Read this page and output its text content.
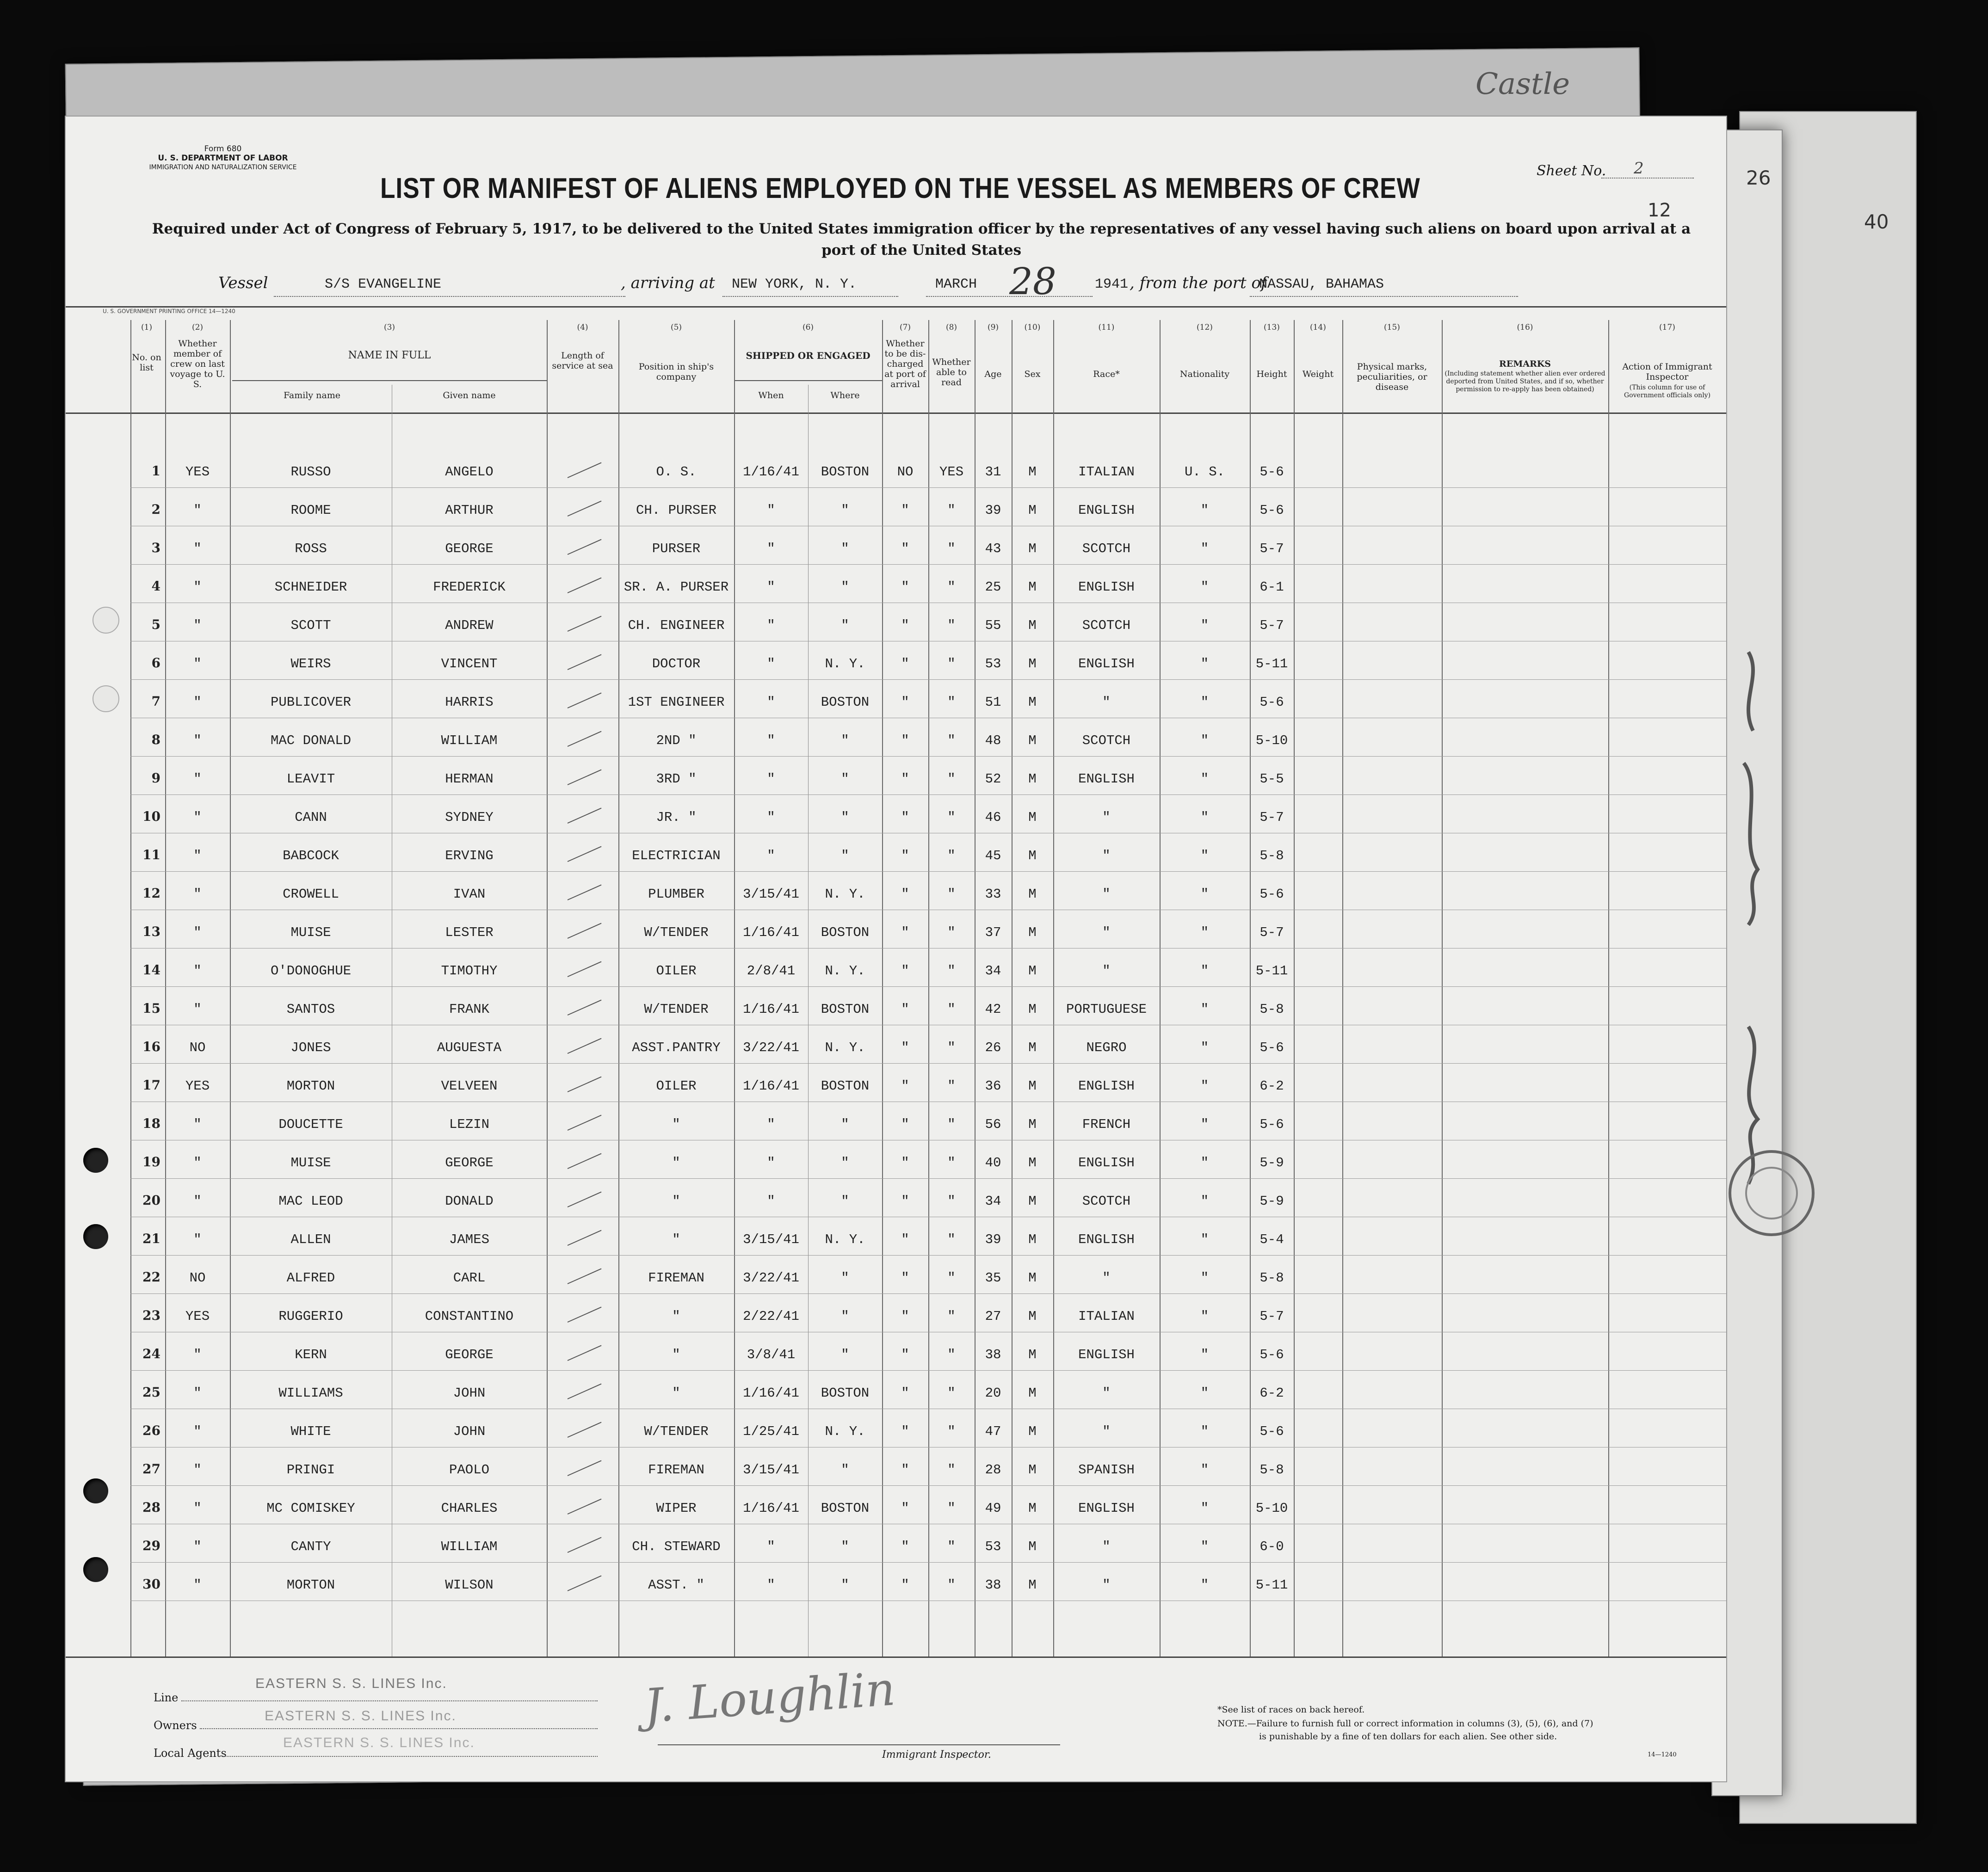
Castle
Form 680
U. S. DEPARTMENT OF LABOR
IMMIGRATION AND NATURALIZATION SERVICE	Sheet No. 2
12
LIST OR MANIFEST OF ALIENS EMPLOYED ON THE VESSEL AS MEMBERS OF CREW
Required under Act of Congress of February 5, 1917, to be delivered to the United States immigration officer by the representatives of any vessel having such aliens on board upon arrival at a
port of the United States
Vessel	S/S EVANGELINE	, arriving at NEW YORK, N. Y.	MARCH 28	1941 , from the port of
NASSAU, BAHAMAS
U. S. GOVERNMENT PRINTING OFFICE 14—1240
(1)
No. on list
(2)
Whether member of crew on last voyage to U. S.
(3)
NAME IN FULL
Family name	Given name
(4)
Length of service at sea
(5)
Position in ship's company
(6)
SHIPPED OR ENGAGED
When	Where
(7)
Whether to be dis-charged at port of arrival
(8)
Whether able to read
(9)
Age
(10)
Sex
(11)
Race*
(12)
Nationality
(13)
Height
(14)
Weight
(15)
Physical marks, peculiarities, or disease
(16)
REMARKS
(Including statement whether alien ever ordered deported from United States, and if so, whether permission to re-apply has been obtained)
(17)
Action of Immigrant Inspector
(This column for use of Government officials only)
1	YES	RUSSO	ANGELO	O. S.	1/16/41	BOSTON	NO	YES	31	M	ITALIAN	U. S.	5-6
2	"	ROOME	ARTHUR	CH. PURSER	"	"	"	"	39	M	ENGLISH	"	5-6
3	"	ROSS	GEORGE	PURSER	"	"	"	"	43	M	SCOTCH	"	5-7
4	"	SCHNEIDER	FREDERICK	SR. A. PURSER	"	"	"	"	25	M	ENGLISH	"	6-1
5	"	SCOTT	ANDREW	CH. ENGINEER	"	"	"	"	55	M	SCOTCH	"	5-7
6	"	WEIRS	VINCENT	DOCTOR	"	N. Y.	"	"	53	M	ENGLISH	"	5-11
7	"	PUBLICOVER	HARRIS	1ST ENGINEER	"	BOSTON	"	"	51	M	"	"	5-6
8	"	MAC DONALD	WILLIAM	2ND "	"	"	"	"	48	M	SCOTCH	"	5-10
9	"	LEAVIT	HERMAN	3RD "	"	"	"	"	52	M	ENGLISH	"	5-5
10	"	CANN	SYDNEY	JR. "	"	"	"	"	46	M	"	"	5-7
11	"	BABCOCK	ERVING	ELECTRICIAN	"	"	"	"	45	M	"	"	5-8
12	"	CROWELL	IVAN	PLUMBER	3/15/41	N. Y.	"	"	33	M	"	"	5-6
13	"	MUISE	LESTER	W/TENDER	1/16/41	BOSTON	"	"	37	M	"	"	5-7
14	"	O'DONOGHUE	TIMOTHY	OILER	2/8/41	N. Y.	"	"	34	M	"	"	5-11
15	"	SANTOS	FRANK	W/TENDER	1/16/41	BOSTON	"	"	42	M	PORTUGUESE	"	5-8
16	NO	JONES	AUGUESTA	ASST.PANTRY	3/22/41	N. Y.	"	"	26	M	NEGRO	"	5-6
17	YES	MORTON	VELVEEN	OILER	1/16/41	BOSTON	"	"	36	M	ENGLISH	"	6-2
18	"	DOUCETTE	LEZIN	"	"	"	"	"	56	M	FRENCH	"	5-6
19	"	MUISE	GEORGE	"	"	"	"	"	40	M	ENGLISH	"	5-9
20	"	MAC LEOD	DONALD	"	"	"	"	"	34	M	SCOTCH	"	5-9
21	"	ALLEN	JAMES	"	3/15/41	N. Y.	"	"	39	M	ENGLISH	"	5-4
22	NO	ALFRED	CARL	FIREMAN	3/22/41	"	"	"	35	M	"	"	5-8
23	YES	RUGGERIO	CONSTANTINO	"	2/22/41	"	"	"	27	M	ITALIAN	"	5-7
24	"	KERN	GEORGE	"	3/8/41	"	"	"	38	M	ENGLISH	"	5-6
25	"	WILLIAMS	JOHN	"	1/16/41	BOSTON	"	"	20	M	"	"	6-2
26	"	WHITE	JOHN	W/TENDER	1/25/41	N. Y.	"	"	47	M	"	"	5-6
27	"	PRINGI	PAOLO	FIREMAN	3/15/41	"	"	"	28	M	SPANISH	"	5-8
28	"	MC COMISKEY	CHARLES	WIPER	1/16/41	BOSTON	"	"	49	M	ENGLISH	"	5-10
29	"	CANTY	WILLIAM	CH. STEWARD	"	"	"	"	53	M	"	"	6-0
30	"	MORTON	WILSON	ASST. "	"	"	"	"	38	M	"	"	5-11
Line
EASTERN S. S. LINES Inc.
Owners
EASTERN S. S. LINES Inc.
Local Agents
EASTERN S. S. LINES Inc.
J. Loughlin
Immigrant Inspector.
*See list of races on back hereof.
NOTE.—Failure to furnish full or correct information in columns (3), (5), (6), and (7)
is punishable by a fine of ten dollars for each alien. See other side.
14—1240
26
40
